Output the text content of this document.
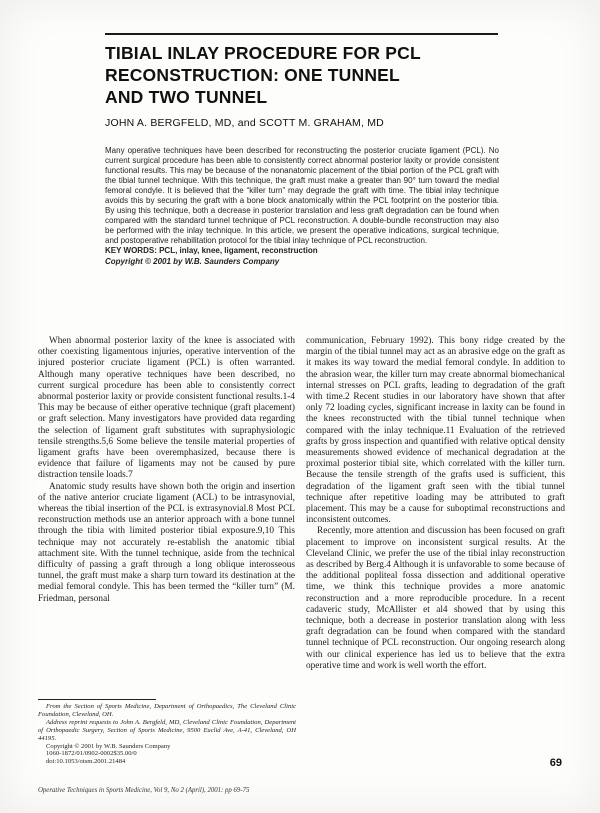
TIBIAL INLAY PROCEDURE FOR PCL
RECONSTRUCTION: ONE TUNNEL
AND TWO TUNNEL
JOHN A. BERGFELD, MD, and SCOTT M. GRAHAM, MD
Many operative techniques have been described for reconstructing the posterior cruciate ligament (PCL). No current surgical procedure has been able to consistently correct abnormal posterior laxity or provide consistent functional results. This may be because of the nonanatomic placement of the tibial portion of the PCL graft with the tibial tunnel technique. With this technique, the graft must make a greater than 90° turn toward the medial femoral condyle. It is believed that the “killer turn” may degrade the graft with time. The tibial inlay technique avoids this by securing the graft with a bone block anatomically within the PCL footprint on the posterior tibia. By using this technique, both a decrease in posterior translation and less graft degradation can be found when compared with the standard tunnel technique of PCL reconstruction. A double-bundle reconstruction may also be performed with the inlay technique. In this article, we present the operative indications, surgical technique, and postoperative rehabilitation protocol for the tibial inlay technique of PCL reconstruction.
KEY WORDS: PCL, inlay, knee, ligament, reconstruction
Copyright © 2001 by W.B. Saunders Company

When abnormal posterior laxity of the knee is associated with other coexisting ligamentous injuries, operative intervention of the injured posterior cruciate ligament (PCL) is often warranted. Although many operative techniques have been described, no current surgical procedure has been able to consistently correct abnormal posterior laxity or provide consistent functional results.1-4 This may be because of either operative technique (graft placement) or graft selection. Many investigators have provided data regarding the selection of ligament graft substitutes with supraphysiologic tensile strengths.5,6 Some believe the tensile material properties of ligament grafts have been overemphasized, because there is evidence that failure of ligaments may not be caused by pure distraction tensile loads.7

Anatomic study results have shown both the origin and insertion of the native anterior cruciate ligament (ACL) to be intrasynovial, whereas the tibial insertion of the PCL is extrasynovial.8 Most PCL reconstruction methods use an anterior approach with a bone tunnel through the tibia with limited posterior tibial exposure.9,10 This technique may not accurately re-establish the anatomic tibial attachment site. With the tunnel technique, aside from the technical difficulty of passing a graft through a long oblique interosseous tunnel, the graft must make a sharp turn toward its destination at the medial femoral condyle. This has been termed the “killer turn” (M. Friedman, personal

communication, February 1992). This bony ridge created by the margin of the tibial tunnel may act as an abrasive edge on the graft as it makes its way toward the medial femoral condyle. In addition to the abrasion wear, the killer turn may create abnormal biomechanical internal stresses on PCL grafts, leading to degradation of the graft with time.2 Recent studies in our laboratory have shown that after only 72 loading cycles, significant increase in laxity can be found in the knees reconstructed with the tibial tunnel technique when compared with the inlay technique.11 Evaluation of the retrieved grafts by gross inspection and quantified with relative optical density measurements showed evidence of mechanical degradation at the proximal posterior tibial site, which correlated with the killer turn. Because the tensile strength of the grafts used is sufficient, this degradation of the ligament graft seen with the tibial tunnel technique after repetitive loading may be attributed to graft placement. This may be a cause for suboptimal reconstructions and inconsistent outcomes.

Recently, more attention and discussion has been focused on graft placement to improve on inconsistent surgical results. At the Cleveland Clinic, we prefer the use of the tibial inlay reconstruction as described by Berg.4 Although it is unfavorable to some because of the additional popliteal fossa dissection and additional operative time, we think this technique provides a more anatomic reconstruction and a more reproducible procedure. In a recent cadaveric study, McAllister et al4 showed that by using this technique, both a decrease in posterior translation along with less graft degradation can be found when compared with the standard tunnel technique of PCL reconstruction. Our ongoing research along with our clinical experience has led us to believe that the extra operative time and work is well worth the effort.

From the Section of Sports Medicine, Department of Orthopaedics, The Cleveland Clinic Foundation, Cleveland, OH.

Address reprint requests to John A. Bergfeld, MD, Cleveland Clinic Foundation, Department of Orthopaedic Surgery, Section of Sports Medicine, 9500 Euclid Ave, A-41, Cleveland, OH 44195.

Copyright © 2001 by W.B. Saunders Company

1060-1872/01/0902-0002$35.00/0

doi:10.1053/otsm.2001.21484	69
Operative Techniques in Sports Medicine, Vol 9, No 2 (April), 2001: pp 69-75
